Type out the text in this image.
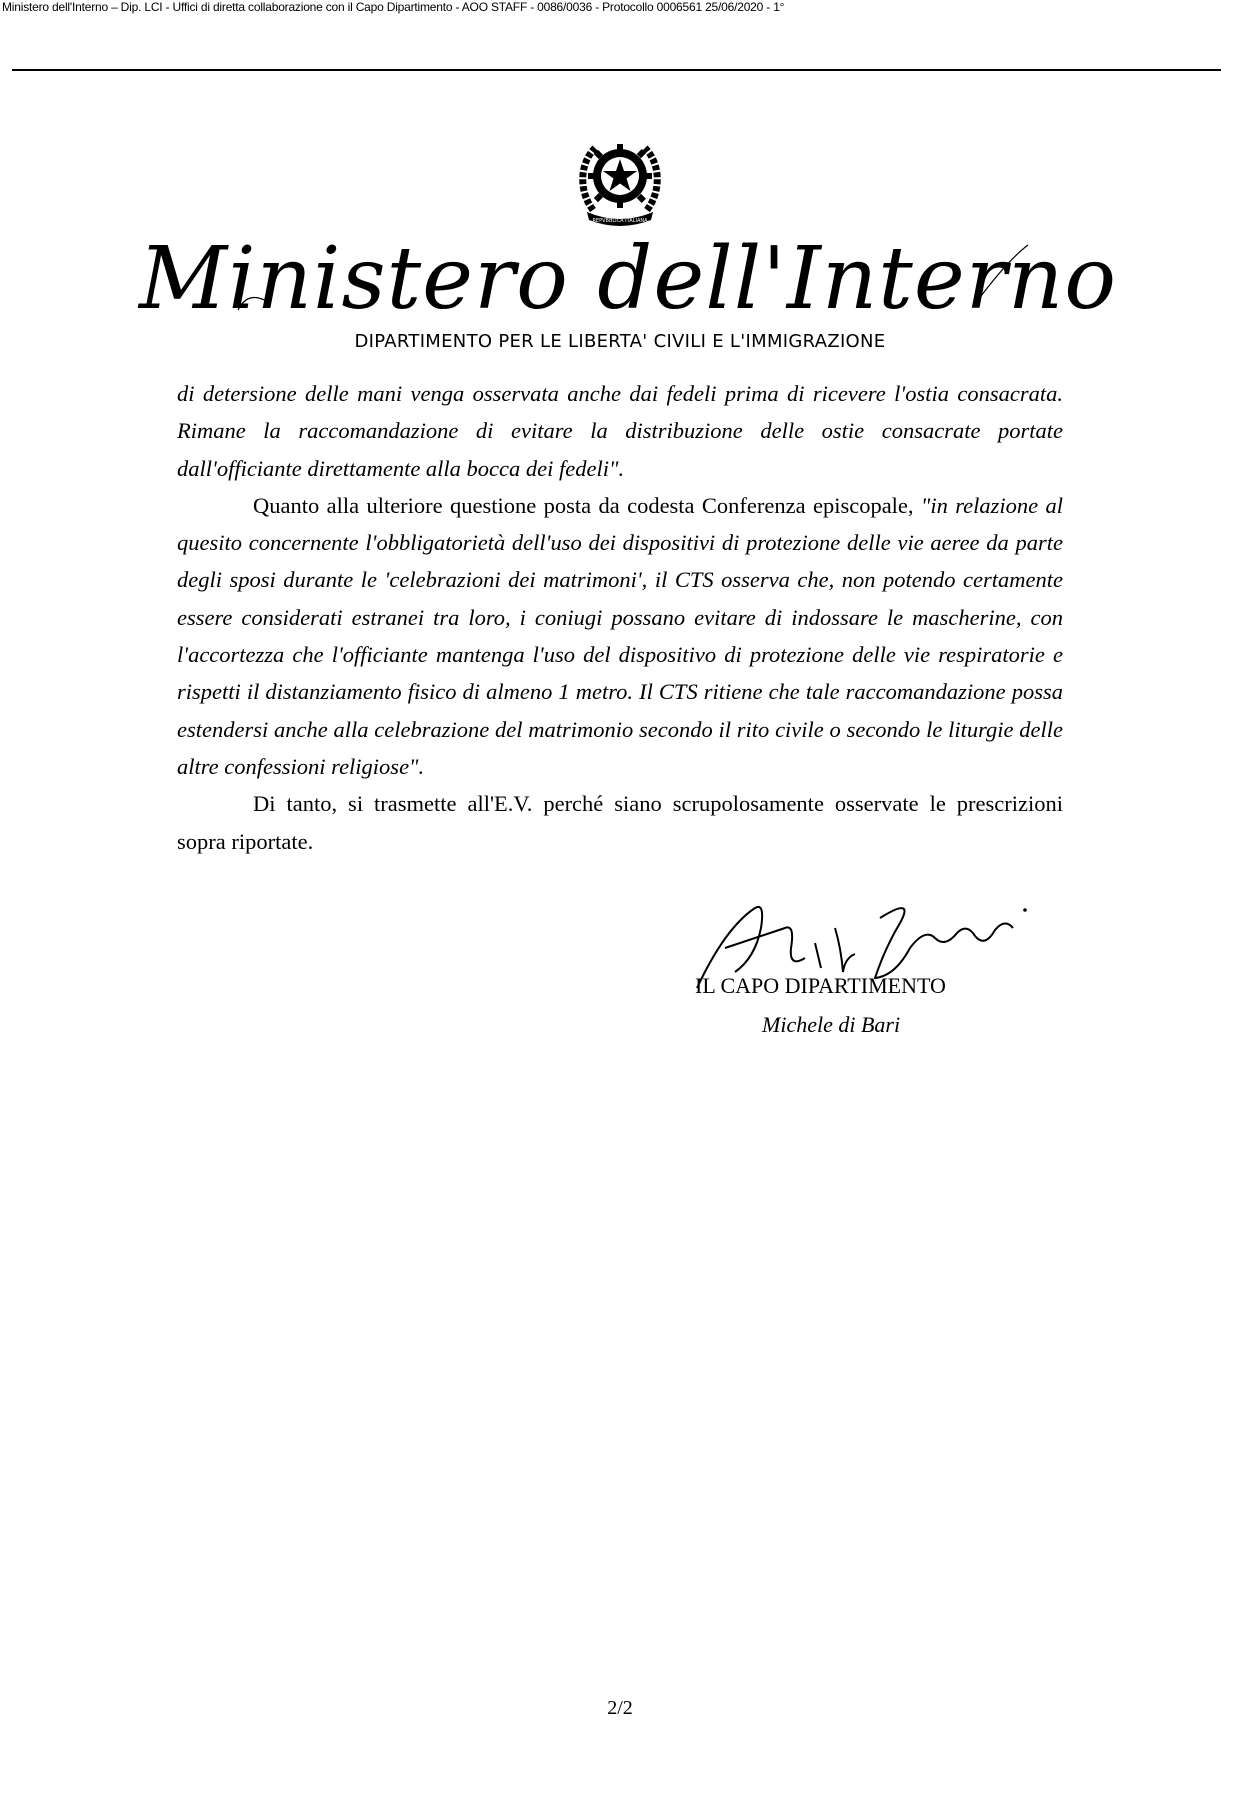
Ministero dell'Interno – Dip. LCI - Uffici di diretta collaborazione con il Capo Dipartimento - AOO STAFF - 0086/0036 - Protocollo 0006561 25/06/2020 - 1°
REPVBBLICA ITALIANA
Ministero dell'Interno
DIPARTIMENTO PER LE LIBERTA' CIVILI E L'IMMIGRAZIONE

di detersione delle mani venga osservata anche dai fedeli prima di ricevere l'ostia consacrata. Rimane la raccomandazione di evitare la distribuzione delle ostie consacrate portate dall'officiante direttamente alla bocca dei fedeli".

Quanto alla ulteriore questione posta da codesta Conferenza episcopale, "in relazione al quesito concernente l'obbligatorietà dell'uso dei dispositivi di protezione delle vie aeree da parte degli sposi durante le 'celebrazioni dei matrimoni', il CTS osserva che, non potendo certamente essere considerati estranei tra loro, i coniugi possano evitare di indossare le mascherine, con l'accortezza che l'officiante mantenga l'uso del dispositivo di protezione delle vie respiratorie e rispetti il distanziamento fisico di almeno 1 metro. Il CTS ritiene che tale raccomandazione possa estendersi anche alla celebrazione del matrimonio secondo il rito civile o secondo le liturgie delle altre confessioni religiose".

Di tanto, si trasmette all'E.V. perché siano scrupolosamente osservate le prescrizioni sopra riportate.

IL CAPO DIPARTIMENTO
Michele di Bari
2/2
